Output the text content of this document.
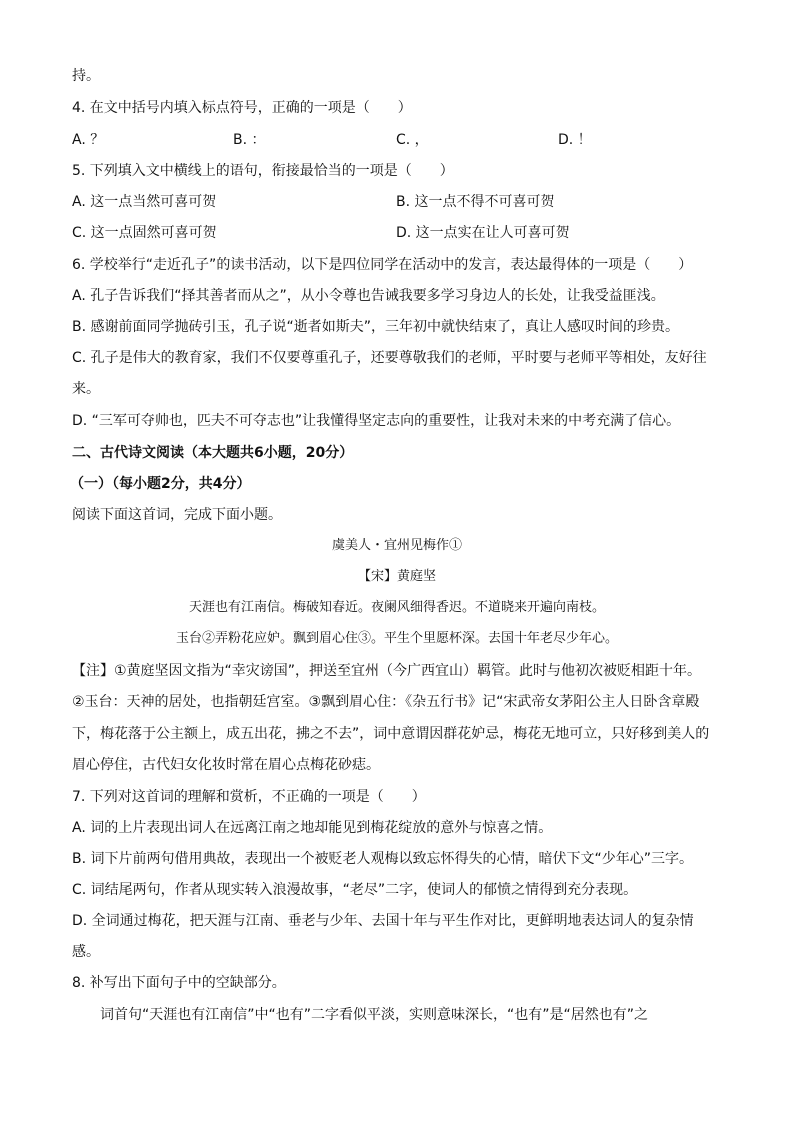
持。
4. 在文中括号内填入标点符号，正确的一项是（　　）
A. ？	B. ：	C. ，	D. ！
5. 下列填入文中横线上的语句，衔接最恰当的一项是（　　）
A. 这一点当然可喜可贺	B. 这一点不得不可喜可贺
C. 这一点固然可喜可贺	D. 这一点实在让人可喜可贺
6. 学校举行“走近孔子”的读书活动，以下是四位同学在活动中的发言，表达最得体的一项是（　　）
A. 孔子告诉我们“择其善者而从之”，从小令尊也告诫我要多学习身边人的长处，让我受益匪浅。
B. 感谢前面同学抛砖引玉，孔子说“逝者如斯夫”，三年初中就快结束了，真让人感叹时间的珍贵。
C. 孔子是伟大的教育家，我们不仅要尊重孔子，还要尊敬我们的老师，平时要与老师平等相处，友好往
来。
D. “三军可夺帅也，匹夫不可夺志也”让我懂得坚定志向的重要性，让我对未来的中考充满了信心。
二、古代诗文阅读（本大题共6小题，20分）
（一）（每小题2分，共4分）
阅读下面这首词，完成下面小题。
虞美人・宜州见梅作①
【宋】黄庭坚
天涯也有江南信。梅破知春近。夜阑风细得香迟。不道晓来开遍向南枝。
玉台②弄粉花应妒。飘到眉心住③。平生个里愿杯深。去国十年老尽少年心。
【注】①黄庭坚因文指为“幸灾谤国”，押送至宜州（今广西宜山）羁管。此时与他初次被贬相距十年。
②玉台：天神的居处，也指朝廷宫室。③飘到眉心住：《杂五行书》记“宋武帝女茅阳公主人日卧含章殿
下，梅花落于公主额上，成五出花，拂之不去”，词中意谓因群花妒忌，梅花无地可立，只好移到美人的
眉心停住，古代妇女化妆时常在眉心点梅花砂痣。
7. 下列对这首词的理解和赏析，不正确的一项是（　　）
A. 词的上片表现出词人在远离江南之地却能见到梅花绽放的意外与惊喜之情。
B. 词下片前两句借用典故，表现出一个被贬老人观梅以致忘怀得失的心情，暗伏下文“少年心”三字。
C. 词结尾两句，作者从现实转入浪漫故事，“老尽”二字，使词人的郁愤之情得到充分表现。
D. 全词通过梅花，把天涯与江南、垂老与少年、去国十年与平生作对比，更鲜明地表达词人的复杂情
感。
8. 补写出下面句子中的空缺部分。
　　词首句“天涯也有江南信”中“也有”二字看似平淡，实则意味深长，“也有”是“居然也有”之
